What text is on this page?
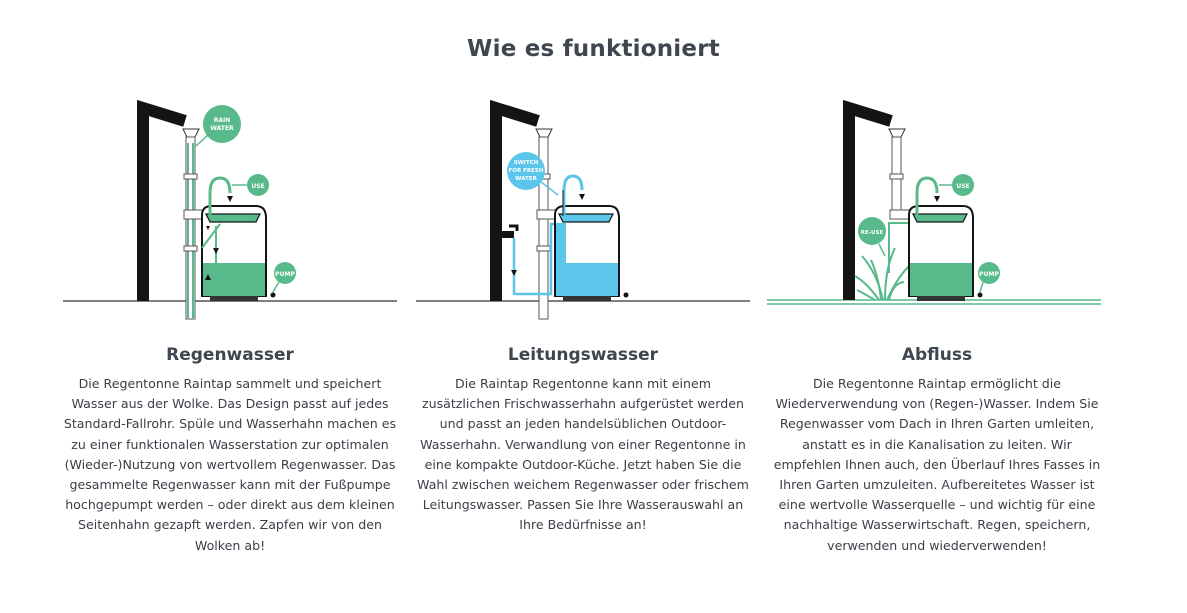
Wie es funktioniert
RAIN
WATER
USE
PUMP
Regenwasser
Die Regentonne Raintap sammelt und speichert Wasser aus der Wolke. Das Design passt auf jedes Standard-Fallrohr. Spüle und Wasserhahn machen es zu einer funktionalen Wasserstation zur optimalen (Wieder-)Nutzung von wertvollem Regenwasser. Das gesammelte Regenwasser kann mit der Fußpumpe hochgepumpt werden – oder direkt aus dem kleinen Seitenhahn gezapft werden. Zapfen wir von den Wolken ab!
SWITCH
FOR FRESH
WATER
Leitungswasser
Die Raintap Regentonne kann mit einem zusätzlichen Frischwasserhahn aufgerüstet werden und passt an jeden handelsüblichen Outdoor-Wasserhahn. Verwandlung von einer Regentonne in eine kompakte Outdoor-Küche. Jetzt haben Sie die Wahl zwischen weichem Regenwasser oder frischem Leitungswasser. Passen Sie Ihre Wasserauswahl an Ihre Bedürfnisse an!
USE
RE-USE
PUMP
Abfluss
Die Regentonne Raintap ermöglicht die Wiederverwendung von (Regen-)Wasser. Indem Sie Regenwasser vom Dach in Ihren Garten umleiten, anstatt es in die Kanalisation zu leiten. Wir empfehlen Ihnen auch, den Überlauf Ihres Fasses in Ihren Garten umzuleiten. Aufbereitetes Wasser ist eine wertvolle Wasserquelle – und wichtig für eine nachhaltige Wasserwirtschaft. Regen, speichern, verwenden und wiederverwenden!
